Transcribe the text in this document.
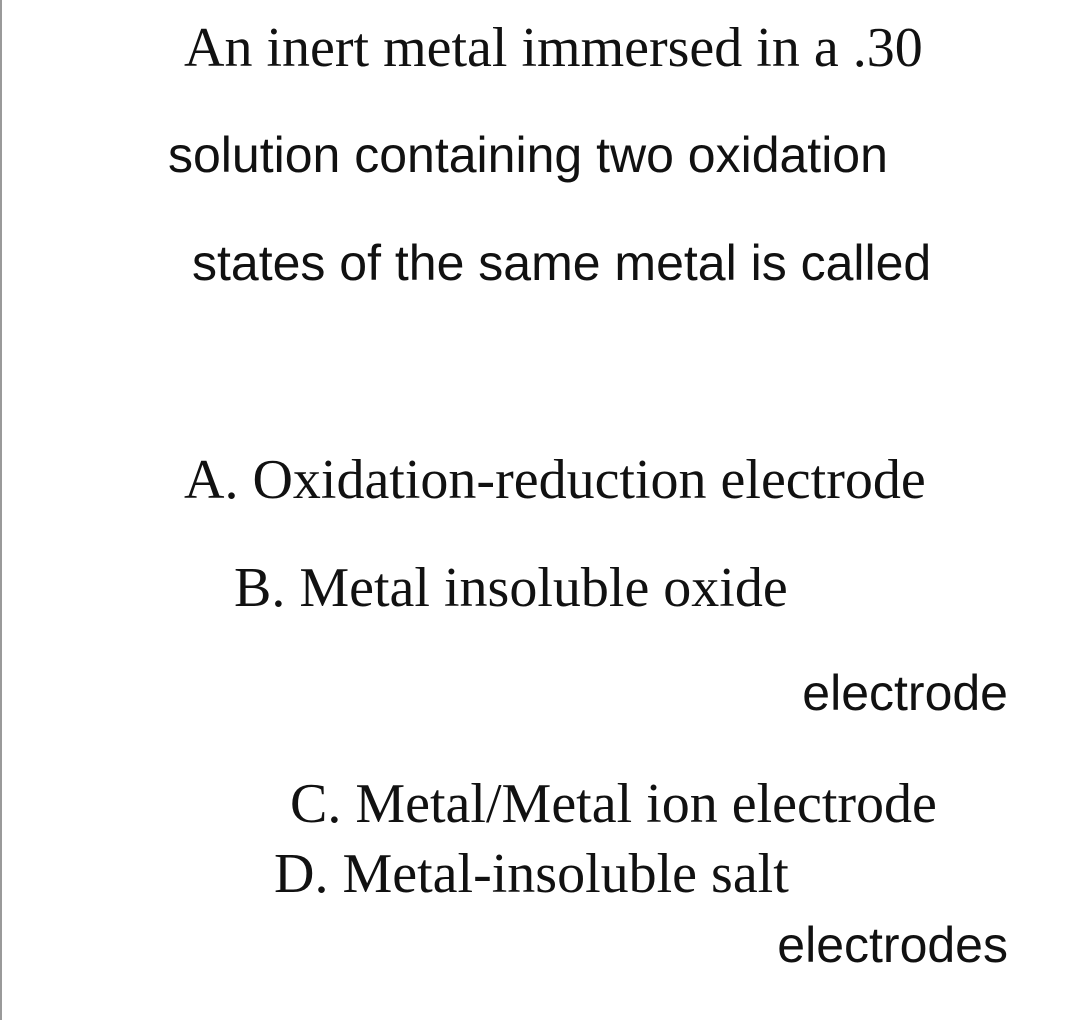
An inert metal immersed in a .30
solution containing two oxidation
states of the same metal is called
A. Oxidation-reduction electrode
B. Metal insoluble oxide
electrode
C. Metal/Metal ion electrode
D. Metal-insoluble salt
electrodes
